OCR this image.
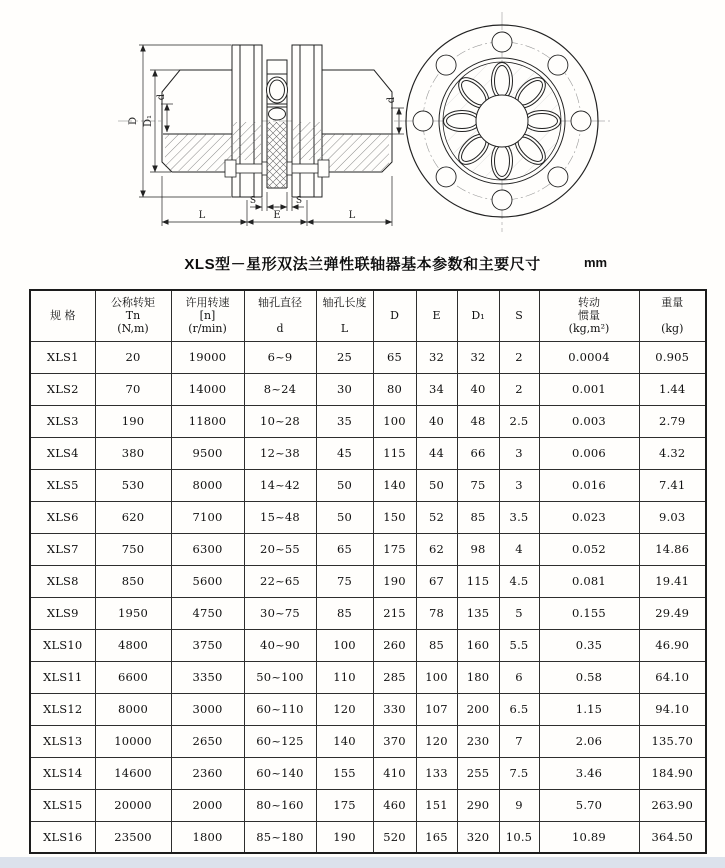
D D₁
d	d
S	S
L	E	L
XLS型－星形双法兰弹性联轴器基本参数和主要尺寸	mm
规 格

公称转矩
Tn
(N,m)

许用转速
[n]
(r/min)

轴孔直径

d

轴孔长度

L

D	E	D₁	S

转动
惯量
(kg,m²)

重量

(kg)

XLS1	20	19000	6~9	25	65	32	32	2	0.0004	0.905
XLS2	70	14000	8~24	30	80	34	40	2	0.001	1.44
XLS3	190	11800	10~28	35	100	40	48	2.5	0.003	2.79
XLS4	380	9500	12~38	45	115	44	66	3	0.006	4.32
XLS5	530	8000	14~42	50	140	50	75	3	0.016	7.41
XLS6	620	7100	15~48	50	150	52	85	3.5	0.023	9.03
XLS7	750	6300	20~55	65	175	62	98	4	0.052	14.86
XLS8	850	5600	22~65	75	190	67	115	4.5	0.081	19.41
XLS9	1950	4750	30~75	85	215	78	135	5	0.155	29.49
XLS10	4800	3750	40~90	100	260	85	160	5.5	0.35	46.90
XLS11	6600	3350	50~100	110	285	100	180	6	0.58	64.10
XLS12	8000	3000	60~110	120	330	107	200	6.5	1.15	94.10
XLS13	10000	2650	60~125	140	370	120	230	7	2.06	135.70
XLS14	14600	2360	60~140	155	410	133	255	7.5	3.46	184.90
XLS15	20000	2000	80~160	175	460	151	290	9	5.70	263.90
XLS16	23500	1800	85~180	190	520	165	320	10.5	10.89	364.50
